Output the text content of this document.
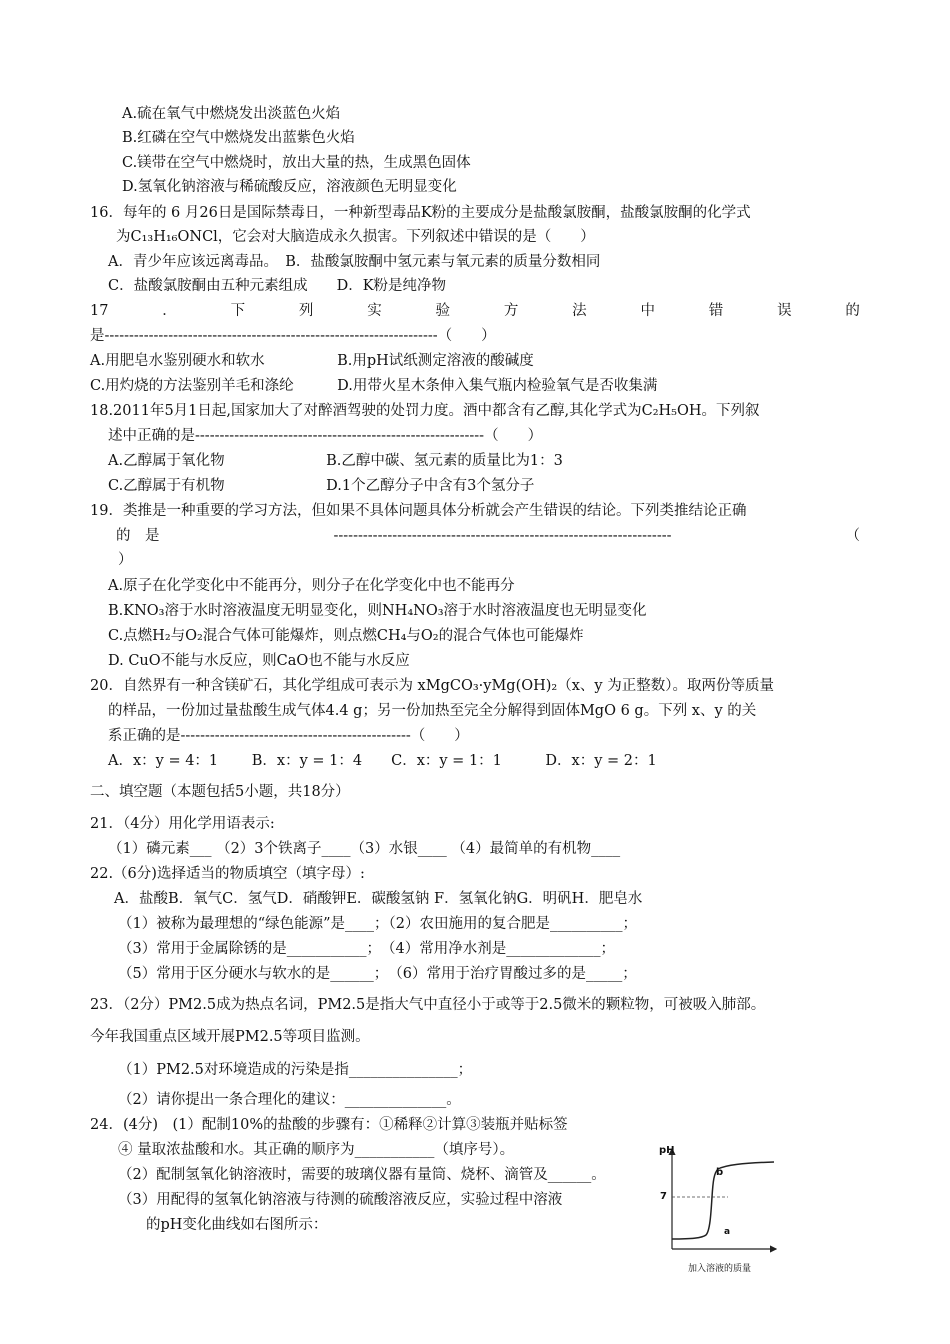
A.硫在氧气中燃烧发出淡蓝色火焰
B.红磷在空气中燃烧发出蓝紫色火焰
C.镁带在空气中燃烧时，放出大量的热，生成黑色固体
D.氢氧化钠溶液与稀硫酸反应，溶液颜色无明显变化
16．每年的 6 月26日是国际禁毒日，一种新型毒品K粉的主要成分是盐酸氯胺酮，盐酸氯胺酮的化学式
为C₁₃H₁₆ONCl，它会对大脑造成永久损害。下列叙述中错误的是（　　）
A．青少年应该远离毒品。　B．盐酸氯胺酮中氢元素与氧元素的质量分数相同
C．盐酸氯胺酮由五种元素组成　　D．K粉是纯净物
17	．	下	列	实	验	方	法	中	错	误	的
是--------------------------------------------------------------------（　　）
A.用肥皂水鉴别硬水和软水　　　　　B.用pH试纸测定溶液的酸碱度
C.用灼烧的方法鉴别羊毛和涤纶　　　D.用带火星木条伸入集气瓶内检验氧气是否收集满
18.2011年5月1日起,国家加大了对醉酒驾驶的处罚力度。酒中都含有乙醇,其化学式为C₂H₅OH。下列叙
述中正确的是-----------------------------------------------------------（　　）
A.乙醇属于氧化物　　　　　　　B.乙醇中碳、氢元素的质量比为1：3
C.乙醇属于有机物　　　　　　　D.1个乙醇分子中含有3个氢分子
19．类推是一种重要的学习方法，但如果不具体问题具体分析就会产生错误的结论。下列类推结论正确
的　是	---------------------------------------------------------------------	（
）
A.原子在化学变化中不能再分，则分子在化学变化中也不能再分
B.KNO₃溶于水时溶液温度无明显变化，则NH₄NO₃溶于水时溶液温度也无明显变化
C.点燃H₂与O₂混合气体可能爆炸，则点燃CH₄与O₂的混合气体也可能爆炸
D. CuO不能与水反应，则CaO也不能与水反应
20．自然界有一种含镁矿石，其化学组成可表示为 xMgCO₃·yMg(OH)₂（x、y 为正整数）。取两份等质量
的样品，一份加过量盐酸生成气体4.4 g；另一份加热至完全分解得到固体MgO 6 g。下列 x、y 的关
系正确的是-----------------------------------------------（　　）
A．x：y = 4：1　　 B．x：y = 1：4　　C．x：y = 1：1　　　D．x：y = 2：1
二、填空题（本题包括5小题，共18分）
21．（4分）用化学用语表示:
（1）磷元素___ （2）3个铁离子____（3）水银____ （4）最简单的有机物____
22.（6分)选择适当的物质填空（填字母）:
A．盐酸B．氧气C．氢气D．硝酸钾E．碳酸氢钠 F．氢氧化钠G．明矾H．肥皂水
（1）被称为最理想的“绿色能源”是____；（2）农田施用的复合肥是__________；
（3）常用于金属除锈的是___________；　（4）常用净水剂是_____________；
（5）常用于区分硬水与软水的是______；　（6）常用于治疗胃酸过多的是_____；
23．（2分）PM2.5成为热点名词，PM2.5是指大气中直径小于或等于2.5微米的颗粒物，可被吸入肺部。
今年我国重点区域开展PM2.5等项目监测。
（1）PM2.5对环境造成的污染是指_______________；
（2）请你提出一条合理化的建议：______________。
24．(4分)　(1）配制10%的盐酸的步骤有：①稀释②计算③装瓶并贴标签
④ 量取浓盐酸和水。其正确的顺序为___________（填序号）。
（2）配制氢氧化钠溶液时，需要的玻璃仪器有量筒、烧杯、滴管及______。
（3）用配得的氢氧化钠溶液与待测的硫酸溶液反应，实验过程中溶液
的pH变化曲线如右图所示：
pH
7
a
b
加入溶液的质量
